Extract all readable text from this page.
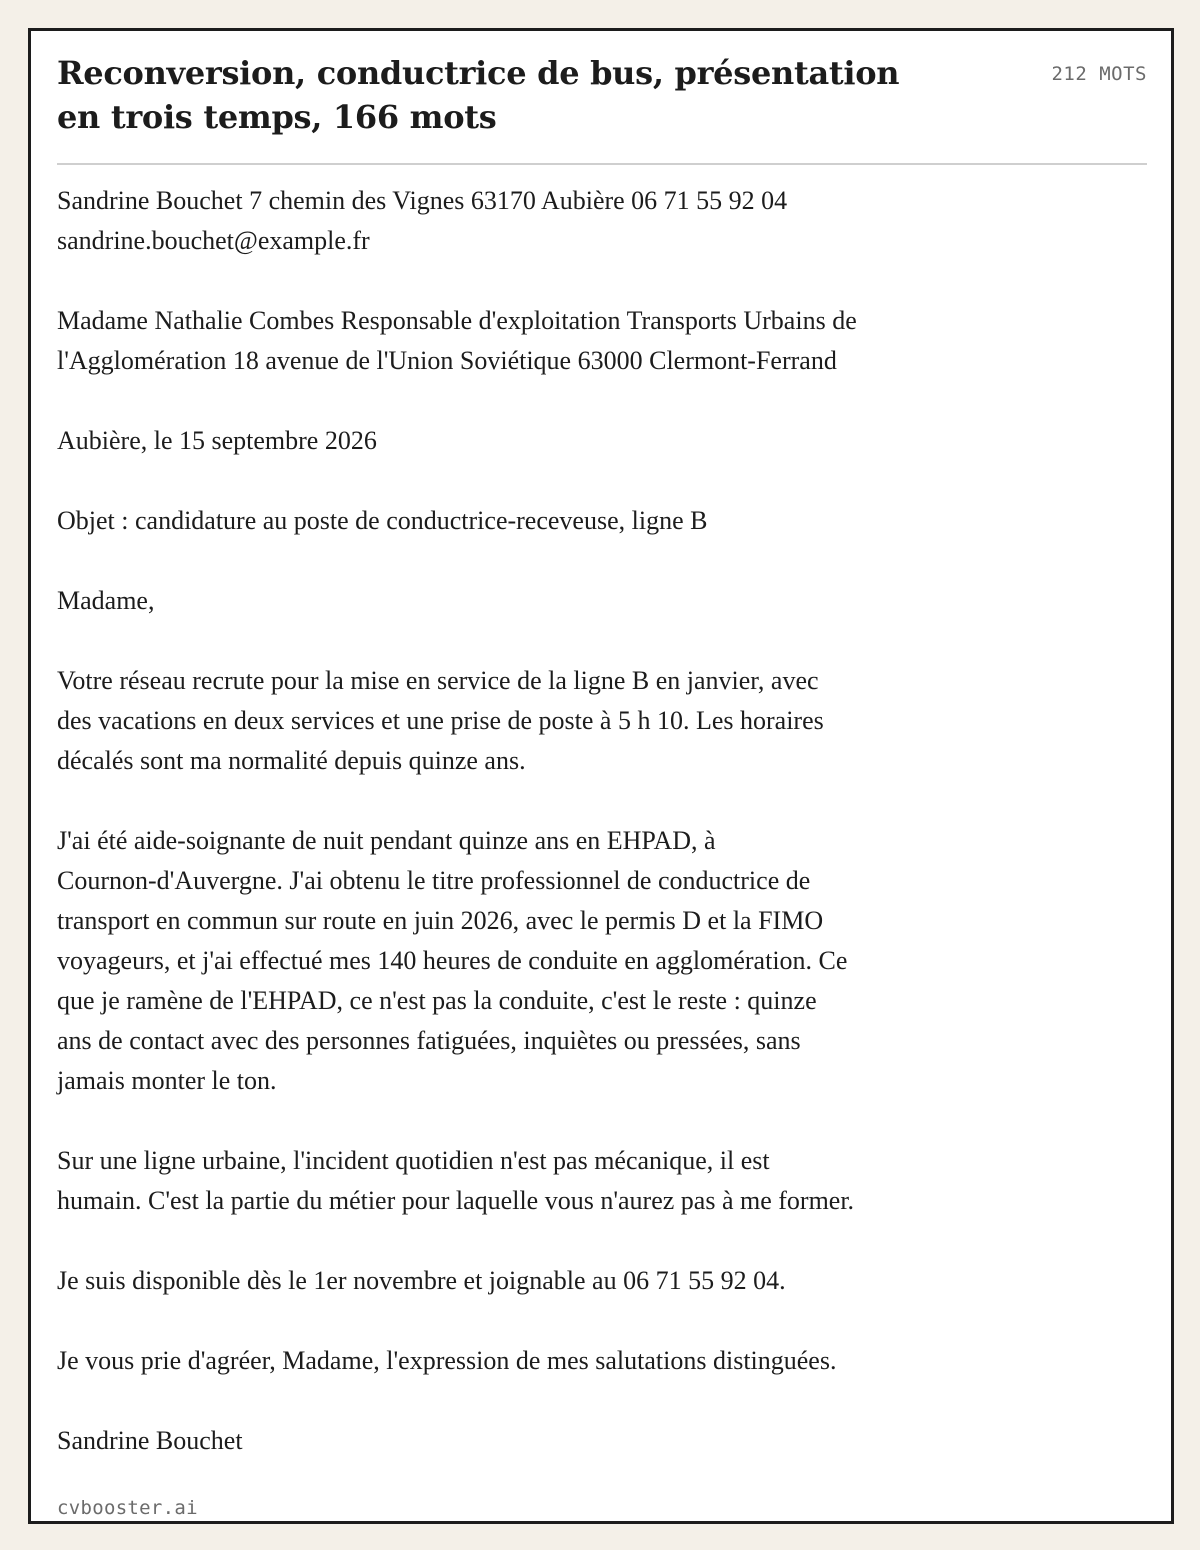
Reconversion, conductrice de bus, présentation en trois temps, 166 mots
212 MOTS

Sandrine Bouchet 7 chemin des Vignes 63170 Aubière 06 71 55 92 04
sandrine.bouchet@example.fr

Madame Nathalie Combes Responsable d'exploitation Transports Urbains de
l'Agglomération 18 avenue de l'Union Soviétique 63000 Clermont-Ferrand

Aubière, le 15 septembre 2026

Objet : candidature au poste de conductrice-receveuse, ligne B

Madame,

Votre réseau recrute pour la mise en service de la ligne B en janvier, avec
des vacations en deux services et une prise de poste à 5 h 10. Les horaires
décalés sont ma normalité depuis quinze ans.

J'ai été aide-soignante de nuit pendant quinze ans en EHPAD, à
Cournon-d'Auvergne. J'ai obtenu le titre professionnel de conductrice de
transport en commun sur route en juin 2026, avec le permis D et la FIMO
voyageurs, et j'ai effectué mes 140 heures de conduite en agglomération. Ce
que je ramène de l'EHPAD, ce n'est pas la conduite, c'est le reste : quinze
ans de contact avec des personnes fatiguées, inquiètes ou pressées, sans
jamais monter le ton.

Sur une ligne urbaine, l'incident quotidien n'est pas mécanique, il est
humain. C'est la partie du métier pour laquelle vous n'aurez pas à me former.

Je suis disponible dès le 1er novembre et joignable au 06 71 55 92 04.

Je vous prie d'agréer, Madame, l'expression de mes salutations distinguées.

Sandrine Bouchet

cvbooster.ai
